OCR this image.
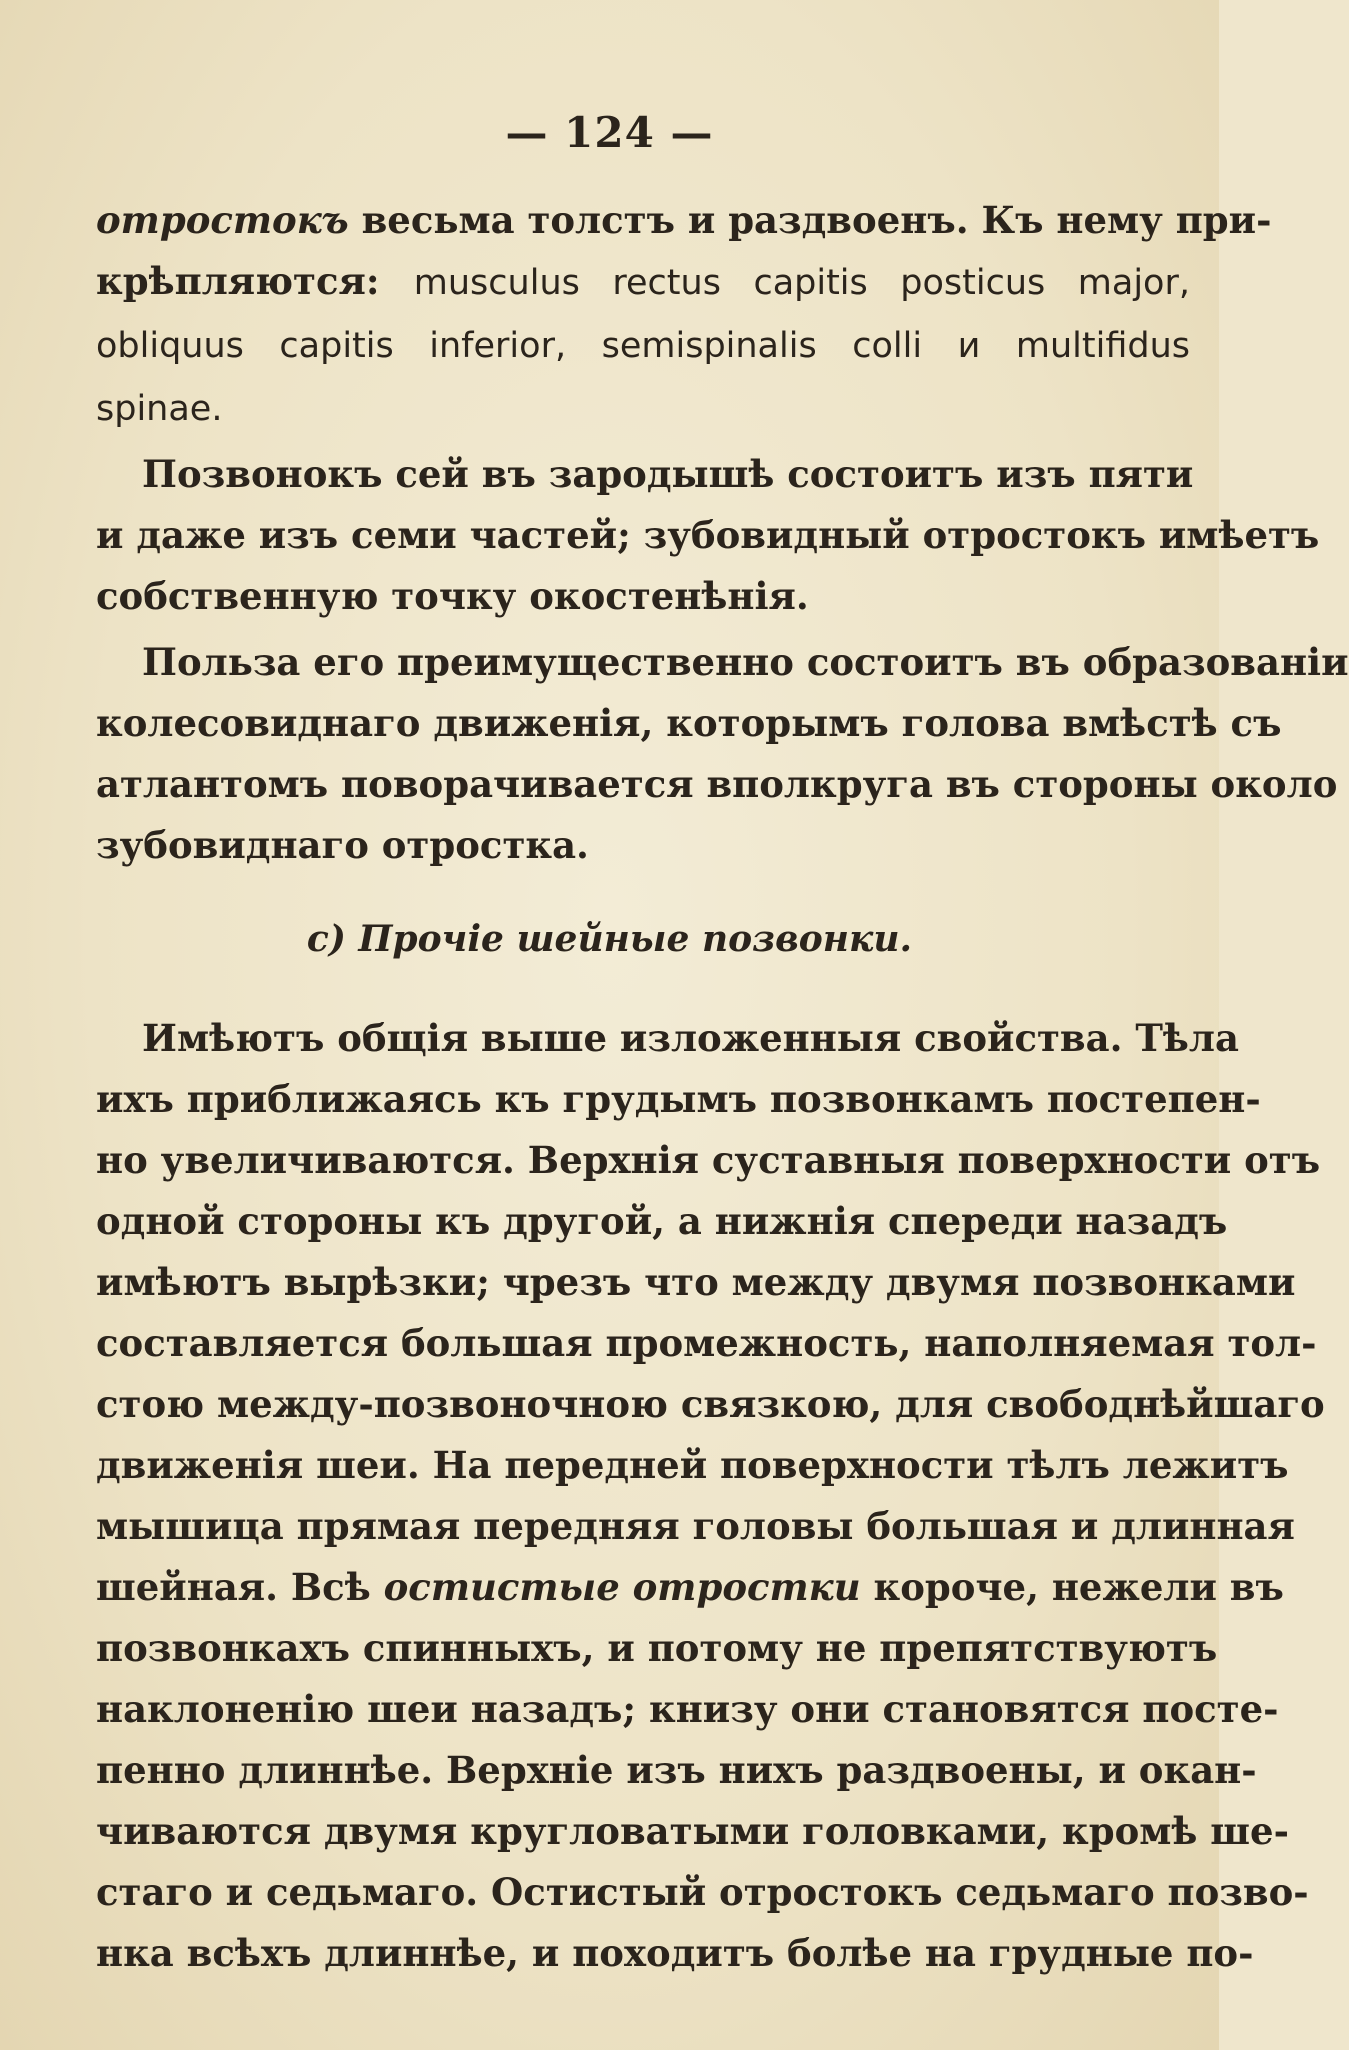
— 124 —
отростокъ весьма толстъ и раздвоенъ. Къ нему при-
крѣпляются: musculus rectus capitis posticus major,
obliquus capitis inferior, semispinalis colli и multifidus
spinae.
Позвонокъ сей въ зародышѣ состоитъ изъ пяти
и даже изъ семи частей; зубовидный отростокъ имѣетъ
собственную точку окостенѣнія.
Польза его преимущественно состоитъ въ образованіи
колесовиднаго движенія, которымъ голова вмѣстѣ съ
атлантомъ поворачивается вполкруга въ стороны около
зубовиднаго отростка.
c) Прочіе шейные позвонки.
Имѣютъ общія выше изложенныя свойства. Тѣла
ихъ приближаясь къ грудымъ позвонкамъ постепен-
но увеличиваются. Верхнія суставныя поверхности отъ
одной стороны къ другой, а нижнія спереди назадъ
имѣютъ вырѣзки; чрезъ что между двумя позвонками
составляется большая промежность, наполняемая тол-
стою между-позвоночною связкою, для свободнѣйшаго
движенія шеи. На передней поверхности тѣлъ лежитъ
мышица прямая передняя головы большая и длинная
шейная. Всѣ остистые отростки короче, нежели въ
позвонкахъ спинныхъ, и потому не препятствуютъ
наклоненію шеи назадъ; книзу они становятся посте-
пенно длиннѣе. Верхніе изъ нихъ раздвоены, и окан-
чиваются двумя кругловатыми головками, кромѣ ше-
стаго и седьмаго. Остистый отростокъ седьмаго позво-
нка всѣхъ длиннѣе, и походитъ болѣе на грудные по-
